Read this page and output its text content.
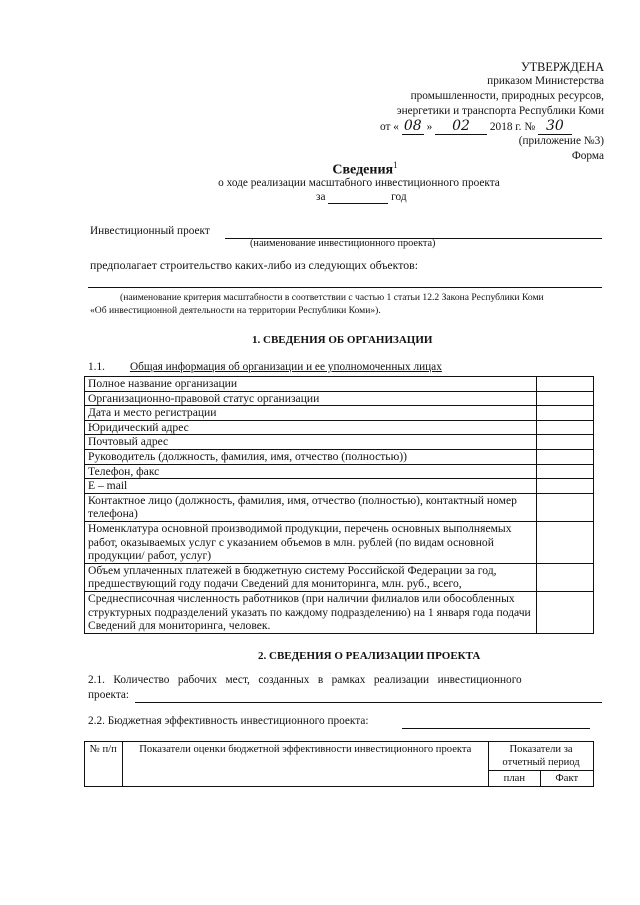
УТВЕРЖДЕНА
приказом Министерства
промышленности, природных ресурсов,
энергетики и транспорта Республики Коми
от « 08 » 02 2018 г. № 30
(приложение №3)
Форма
Сведения$^1$
о ходе реализации масштабного инвестиционного проекта
за	год
Инвестиционный проект
(наименование инвестиционного проекта)
предполагает строительство каких-либо из следующих объектов:
(наименование критерия масштабности в соответствии с частью 1 статьи 12.2 Закона Республики Коми
«Об инвестиционной деятельности на территории Республики Коми»).
1. СВЕДЕНИЯ ОБ ОРГАНИЗАЦИИ
1.1. Общая информация об организации и ее уполномоченных лицах
Полное название организации	
Организационно-правовой статус организации	
Дата и место регистрации	
Юридический адрес	
Почтовый адрес	
Руководитель (должность, фамилия, имя, отчество (полностью))	
Телефон, факс	
E – mail	
Контактное лицо (должность, фамилия, имя, отчество (полностью), контактный номер телефона)	
Номенклатура основной производимой продукции, перечень основных выполняемых работ, оказываемых услуг с указанием объемов в млн. рублей (по видам основной продукции/ работ, услуг)	
Объем уплаченных платежей в бюджетную систему Российской Федерации за год, предшествующий году подачи Сведений для мониторинга, млн. руб., всего,	
Среднесписочная численность работников (при наличии филиалов или обособленных структурных подразделений указать по каждому подразделению) на 1 января года подачи Сведений для мониторинга, человек.	
2. СВЕДЕНИЯ О РЕАЛИЗАЦИИ ПРОЕКТА
2.1.   Количество   рабочих   мест,   созданных   в   рамках   реализации   инвестиционного
проекта:
2.2. Бюджетная эффективность инвестиционного проекта:
№ п/п	Показатели оценки бюджетной эффективности инвестиционного проекта	Показатели за отчетный период	
		план	Факт
